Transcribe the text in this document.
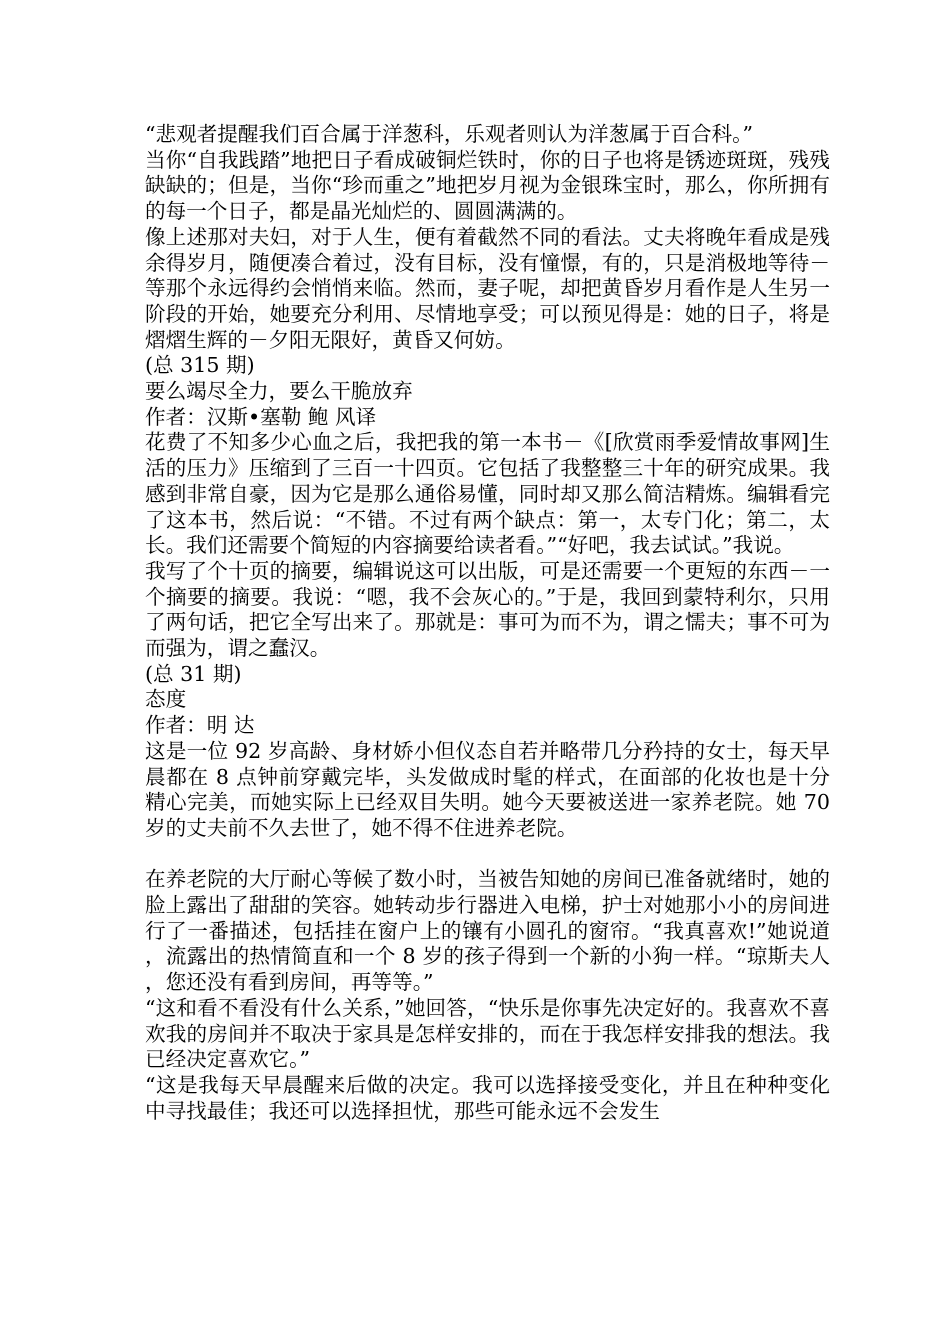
“悲观者提醒我们百合属于洋葱科，乐观者则认为洋葱属于百合科。”

当你“自我践踏”地把日子看成破铜烂铁时，你的日子也将是锈迹斑斑，残残缺缺的；但是，当你“珍而重之”地把岁月视为金银珠宝时，那么，你所拥有的每一个日子，都是晶光灿烂的、圆圆满满的。

像上述那对夫妇，对于人生，便有着截然不同的看法。丈夫将晚年看成是残余得岁月，随便凑合着过，没有目标，没有憧憬，有的，只是消极地等待－等那个永远得约会悄悄来临。然而，妻子呢，却把黄昏岁月看作是人生另一阶段的开始，她要充分利用、尽情地享受；可以预见得是：她的日子，将是熠熠生辉的－夕阳无限好，黄昏又何妨。

(总 315 期)

要么竭尽全力，要么干脆放弃

作者：汉斯•塞勒 鲍 风译

花费了不知多少心血之后，我把我的第一本书－《[欣赏雨季爱情故事网]生活的压力》压缩到了三百一十四页。它包括了我整整三十年的研究成果。我感到非常自豪，因为它是那么通俗易懂，同时却又那么简洁精炼。编辑看完了这本书，然后说：“不错。不过有两个缺点：第一，太专门化；第二，太长。我们还需要个简短的内容摘要给读者看。”“好吧，我去试试。”我说。

我写了个十页的摘要，编辑说这可以出版，可是还需要一个更短的东西－一个摘要的摘要。我说：“嗯，我不会灰心的。”于是，我回到蒙特利尔，只用了两句话，把它全写出来了。那就是：事可为而不为，谓之懦夫；事不可为而强为，谓之蠢汉。

(总 31 期)

态度

作者：明 达

这是一位 92 岁高龄、身材娇小但仪态自若并略带几分矜持的女士，每天早晨都在 8 点钟前穿戴完毕，头发做成时髦的样式，在面部的化妆也是十分精心完美，而她实际上已经双目失明。她今天要被送进一家养老院。她 70 岁的丈夫前不久去世了，她不得不住进养老院。

在养老院的大厅耐心等候了数小时，当被告知她的房间已准备就绪时，她的脸上露出了甜甜的笑容。她转动步行器进入电梯，护士对她那小小的房间进行了一番描述，包括挂在窗户上的镶有小圆孔的窗帘。“我真喜欢!”她说道，流露出的热情简直和一个 8 岁的孩子得到一个新的小狗一样。“琼斯夫人，您还没有看到房间，再等等。”

“这和看不看没有什么关系，”她回答，“快乐是你事先决定好的。我喜欢不喜欢我的房间并不取决于家具是怎样安排的，而在于我怎样安排我的想法。我已经决定喜欢它。”

“这是我每天早晨醒来后做的决定。我可以选择接受变化，并且在种种变化中寻找最佳；我还可以选择担忧，那些可能永远不会发生
